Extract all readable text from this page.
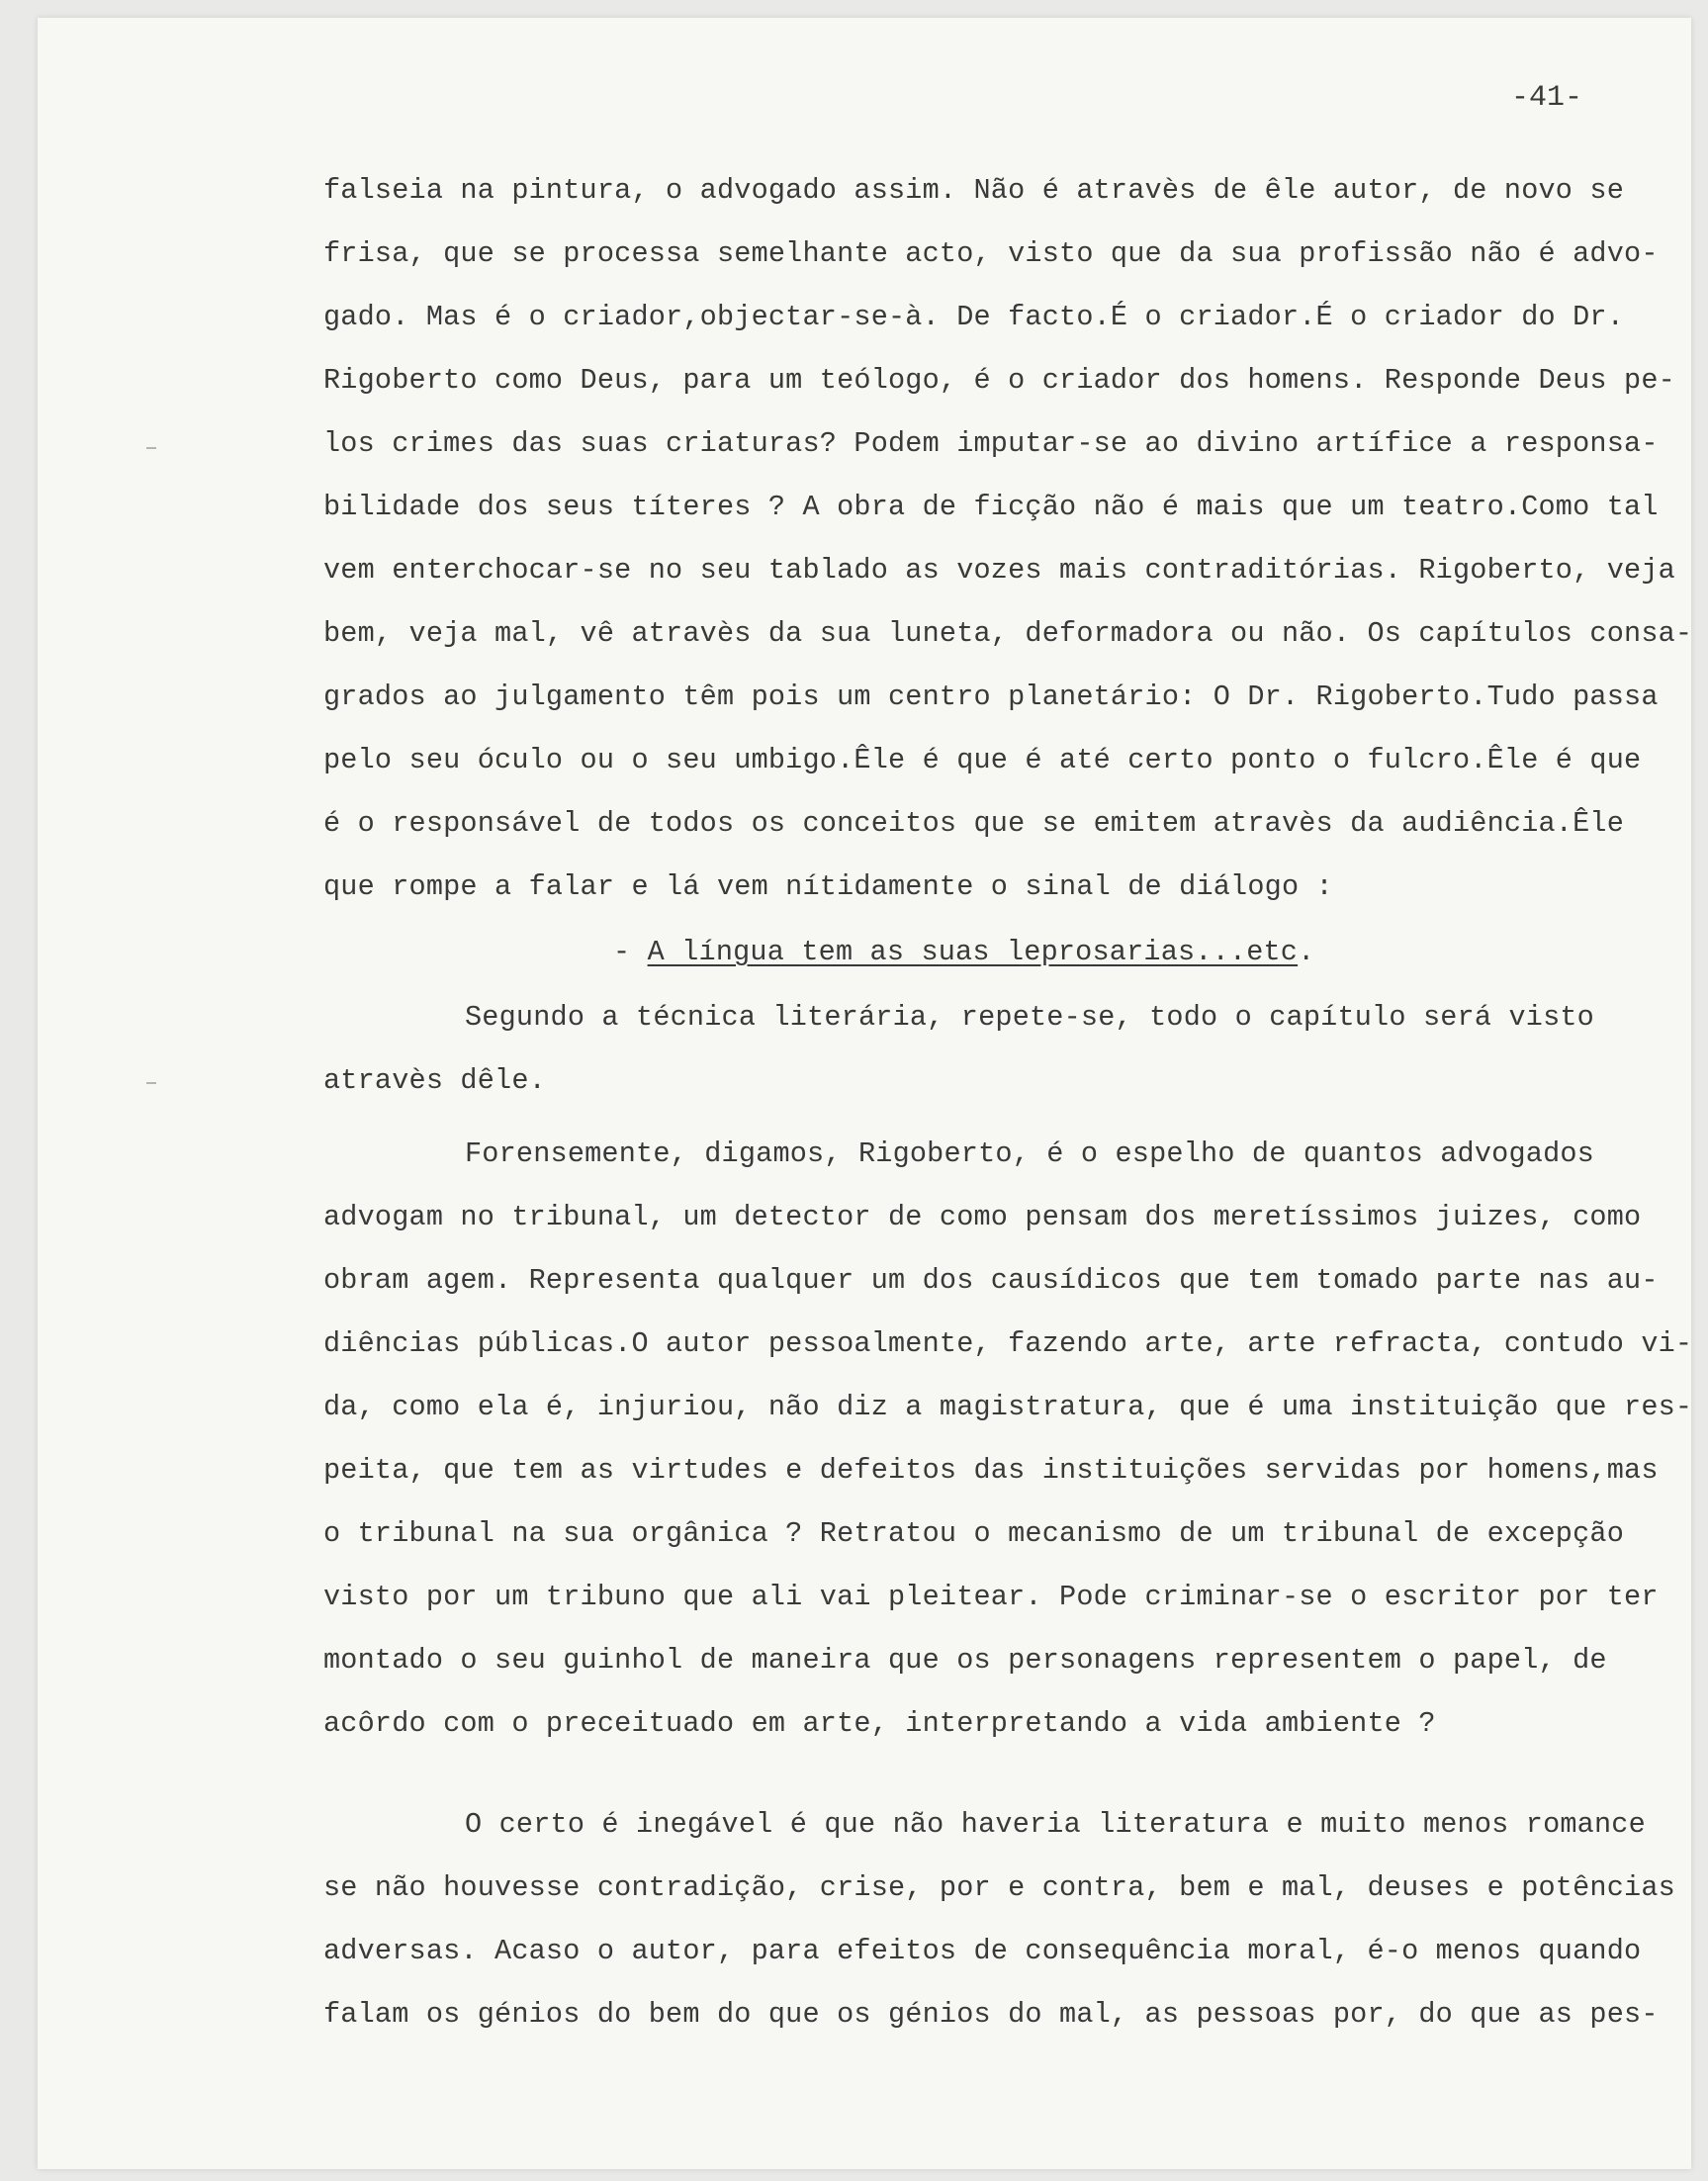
-41-
falseia na pintura, o advogado assim. Não é atravès de êle autor, de novo se
frisa, que se processa semelhante acto, visto que da sua profissão não é advo-
gado. Mas é o criador,objectar-se-à. De facto.É o criador.É o criador do Dr.
Rigoberto como Deus, para um teólogo, é o criador dos homens. Responde Deus pe-
los crimes das suas criaturas? Podem imputar-se ao divino artífice a responsa-
bilidade dos seus títeres ? A obra de ficção não é mais que um teatro.Como tal
vem enterchocar-se no seu tablado as vozes mais contraditórias. Rigoberto, veja
bem, veja mal, vê atravès da sua luneta, deformadora ou não. Os capítulos consa-
grados ao julgamento têm pois um centro planetário: O Dr. Rigoberto.Tudo passa
pelo seu óculo ou o seu umbigo.Êle é que é até certo ponto o fulcro.Êle é que
é o responsável de todos os conceitos que se emitem atravès da audiência.Êle
que rompe a falar e lá vem nítidamente o sinal de diálogo :
- A língua tem as suas leprosarias...etc.
Segundo a técnica literária, repete-se, todo o capítulo será visto
atravès dêle.
Forensemente, digamos, Rigoberto, é o espelho de quantos advogados
advogam no tribunal, um detector de como pensam dos meretíssimos juizes, como
obram agem. Representa qualquer um dos causídicos que tem tomado parte nas au-
diências públicas.O autor pessoalmente, fazendo arte, arte refracta, contudo vi-
da, como ela é, injuriou, não diz a magistratura, que é uma instituição que res-
peita, que tem as virtudes e defeitos das instituições servidas por homens,mas
o tribunal na sua orgânica ? Retratou o mecanismo de um tribunal de excepção
visto por um tribuno que ali vai pleitear. Pode criminar-se o escritor por ter
montado o seu guinhol de maneira que os personagens representem o papel, de
acôrdo com o preceituado em arte, interpretando a vida ambiente ?
O certo é inegável é que não haveria literatura e muito menos romance
se não houvesse contradição, crise, por e contra, bem e mal, deuses e potências
adversas. Acaso o autor, para efeitos de consequência moral, é-o menos quando
falam os génios do bem do que os génios do mal, as pessoas por, do que as pes-
